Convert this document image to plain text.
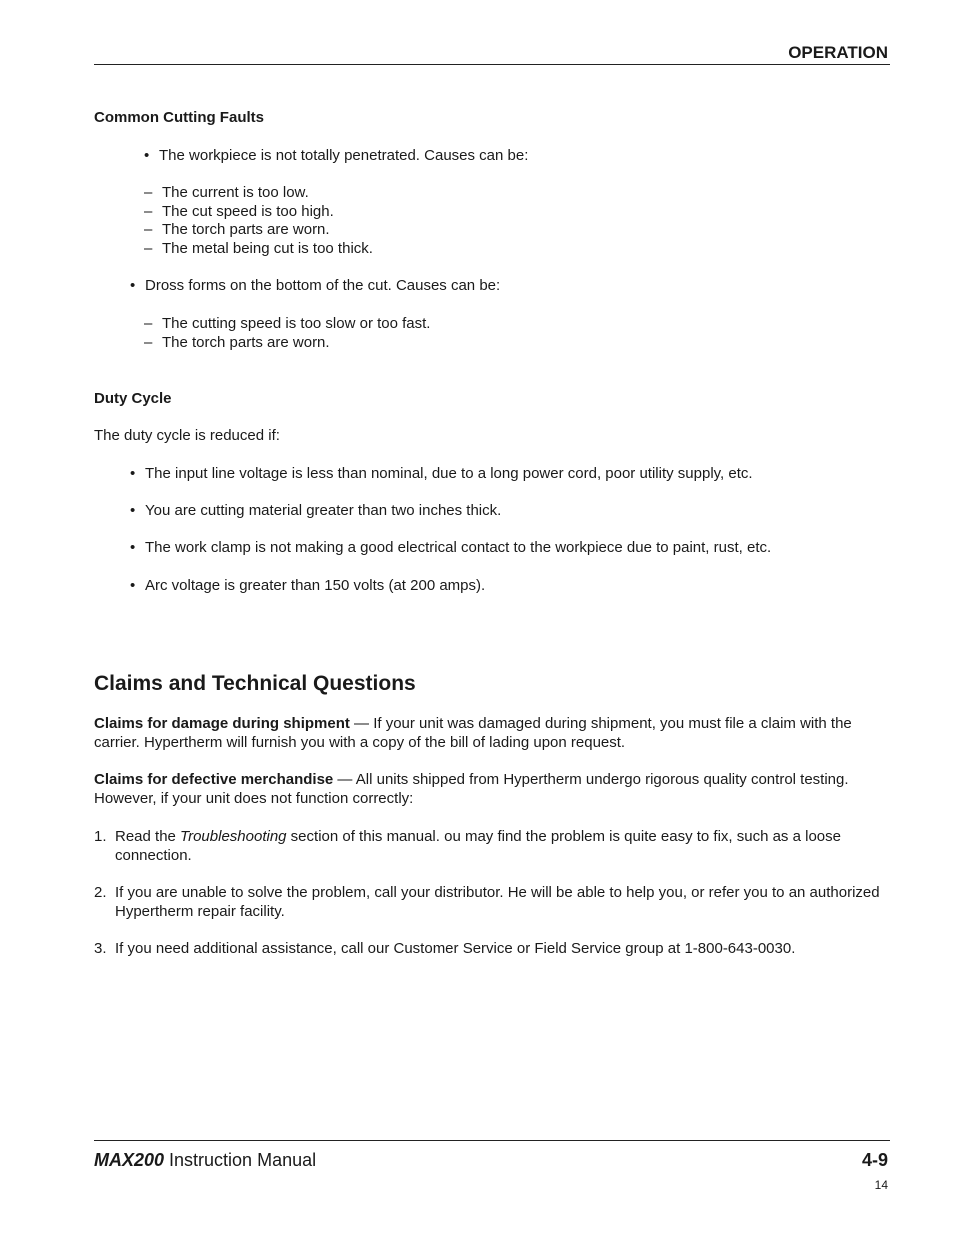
OPERATION
Common Cutting Faults
• The workpiece is not totally penetrated. Causes can be:
– The current is too low.
– The cut speed is too high.
– The torch parts are worn.
– The metal being cut is too thick.
• Dross forms on the bottom of the cut. Causes can be:
– The cutting speed is too slow or too fast.
– The torch parts are worn.
Duty Cycle
The duty cycle is reduced if:
• The input line voltage is less than nominal, due to a long power cord, poor utility supply, etc.
• You are cutting material greater than two inches thick.
• The work clamp is not making a good electrical contact to the workpiece due to paint, rust, etc.
• Arc voltage is greater than 150 volts (at 200 amps).
Claims and Technical Questions
Claims for damage during shipment — If your unit was damaged during shipment, you must file a claim with the carrier. Hypertherm will furnish you with a copy of the bill of lading upon request.
Claims for defective merchandise — All units shipped from Hypertherm undergo rigorous quality control testing. However, if your unit does not function correctly:
1. Read the Troubleshooting section of this manual. ou may find the problem is quite easy to fix, such as a loose connection.
2. If you are unable to solve the problem, call your distributor. He will be able to help you, or refer you to an authorized Hypertherm repair facility.
3. If you need additional assistance, call our Customer Service or Field Service group at 1-800-643-0030.
MAX200 Instruction Manual	4-9
14
